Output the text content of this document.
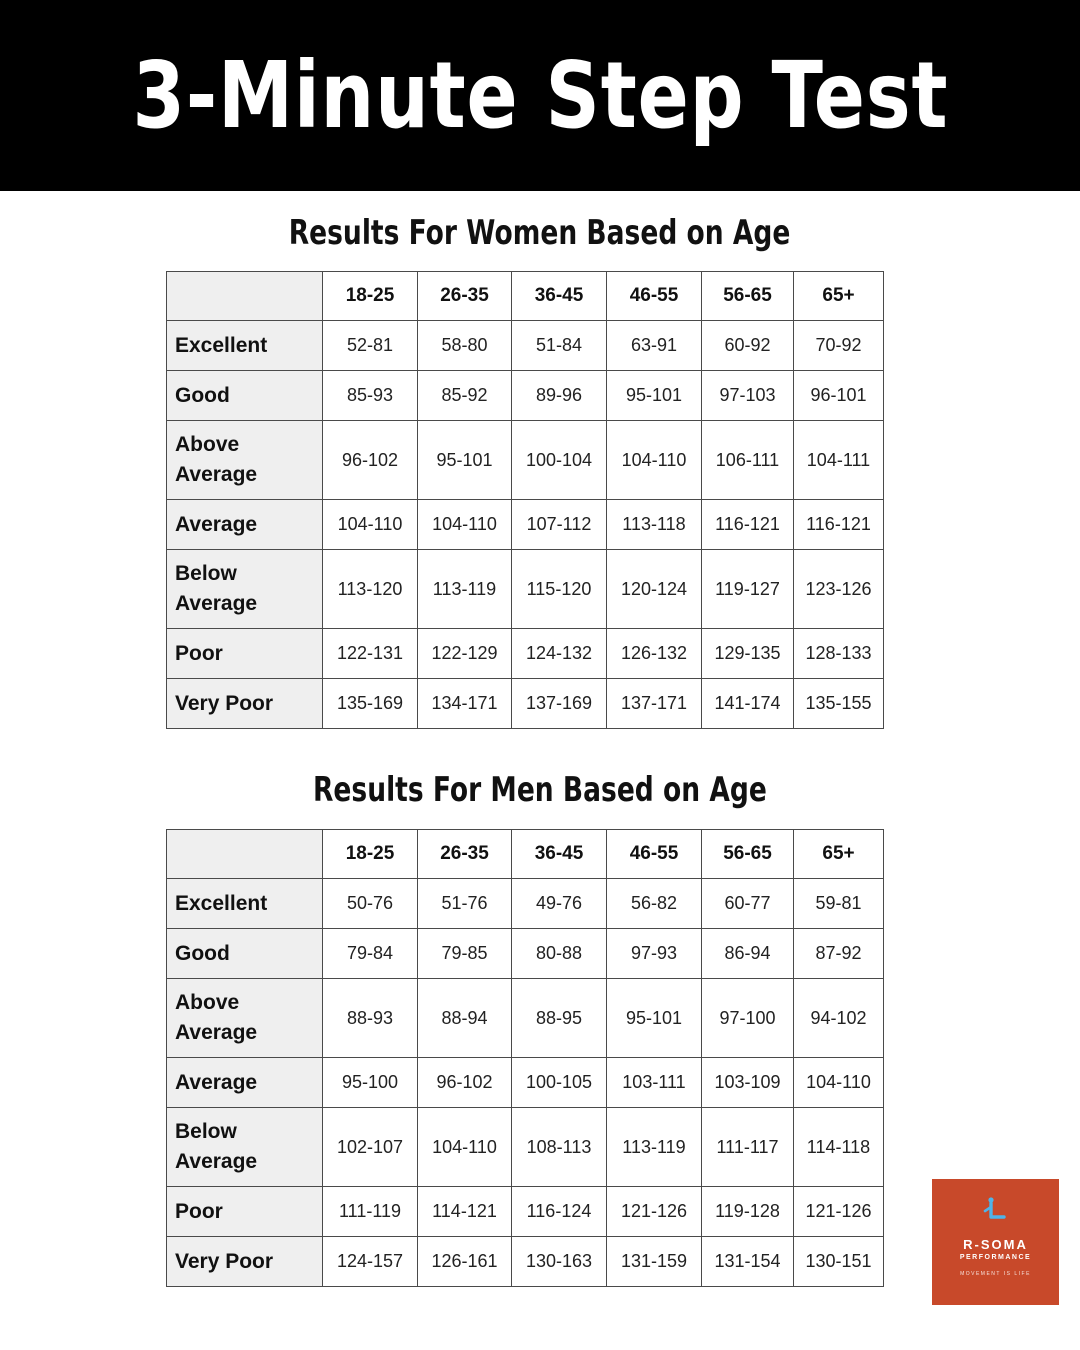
3-Minute Step Test
Results For Women Based on Age
	18-25	26-35	36-45	46-55	56-65	65+
Excellent	52-81	58-80	51-84	63-91	60-92	70-92
Good	85-93	85-92	89-96	95-101	97-103	96-101
Above
Average	96-102	95-101	100-104	104-110	106-111	104-111
Average	104-110	104-110	107-112	113-118	116-121	116-121
Below
Average	113-120	113-119	115-120	120-124	119-127	123-126
Poor	122-131	122-129	124-132	126-132	129-135	128-133
Very Poor	135-169	134-171	137-169	137-171	141-174	135-155
Results For Men Based on Age
	18-25	26-35	36-45	46-55	56-65	65+
Excellent	50-76	51-76	49-76	56-82	60-77	59-81
Good	79-84	79-85	80-88	97-93	86-94	87-92
Above
Average	88-93	88-94	88-95	95-101	97-100	94-102
Average	95-100	96-102	100-105	103-111	103-109	104-110
Below
Average	102-107	104-110	108-113	113-119	111-117	114-118
Poor	111-119	114-121	116-124	121-126	119-128	121-126
Very Poor	124-157	126-161	130-163	131-159	131-154	130-151
R-SOMA
PERFORMANCE
MOVEMENT IS LIFE
